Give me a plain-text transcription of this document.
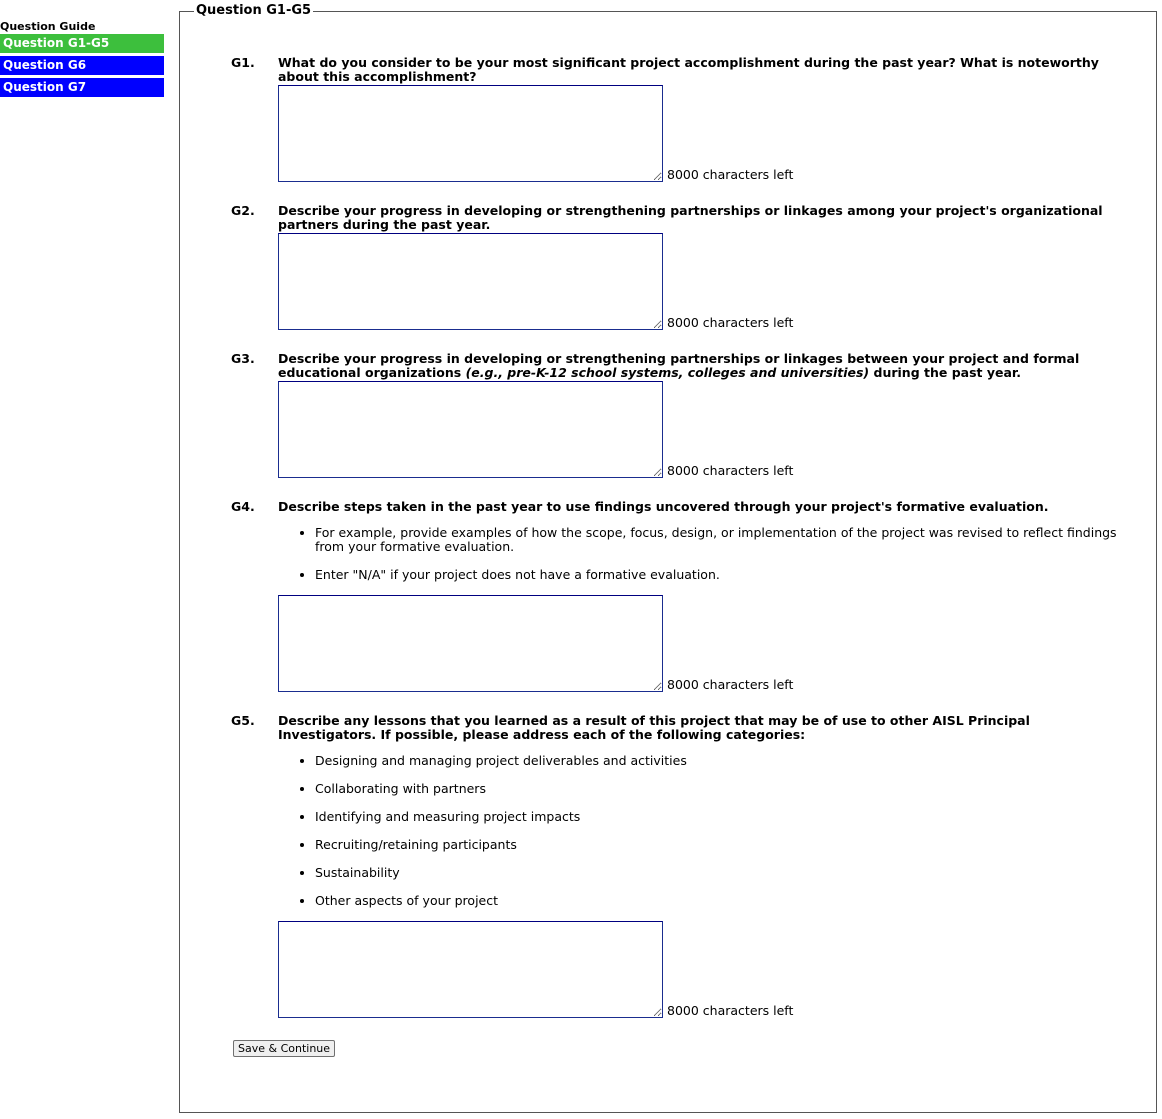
Question Guide
Question G1-G5
Question G6
Question G7
Question G1-G5
G1. What do you consider to be your most significant project accomplishment during the past year? What is noteworthy about this accomplishment?

8000 characters left
G2. Describe your progress in developing or strengthening partnerships or linkages among your project's organizational partners during the past year.

8000 characters left
G3. Describe your progress in developing or strengthening partnerships or linkages between your project and formal educational organizations (e.g., pre-K-12 school systems, colleges and universities) during the past year.

8000 characters left
G4. Describe steps taken in the past year to use findings uncovered through your project's formative evaluation.

• For example, provide examples of how the scope, focus, design, or implementation of the project was revised to reflect findings from your formative evaluation.
• Enter "N/A" if your project does not have a formative evaluation.
8000 characters left
G5. Describe any lessons that you learned as a result of this project that may be of use to other AISL Principal Investigators. If possible, please address each of the following categories:

• Designing and managing project deliverables and activities
• Collaborating with partners
• Identifying and measuring project impacts
• Recruiting/retaining participants
• Sustainability
• Other aspects of your project
8000 characters left
Save & Continue
